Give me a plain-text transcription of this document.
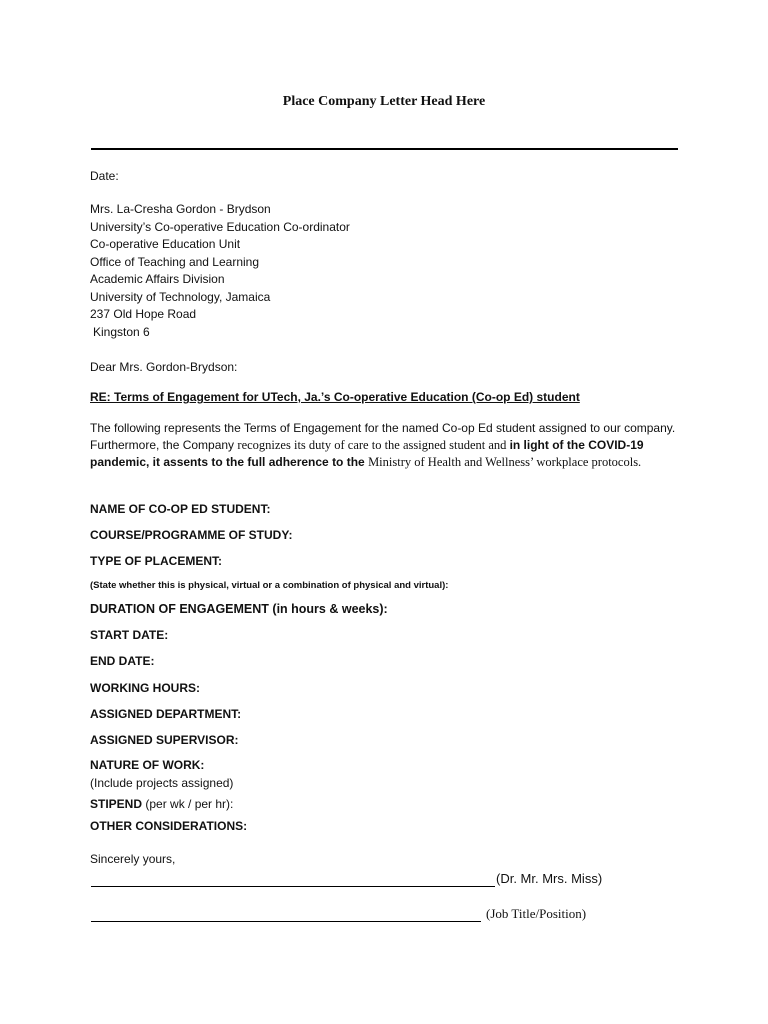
Place Company Letter Head Here
Date:
Mrs. La-Cresha Gordon - Brydson
University’s Co-operative Education Co-ordinator
Co-operative Education Unit
Office of Teaching and Learning
Academic Affairs Division
University of Technology, Jamaica
237 Old Hope Road
Kingston 6
Dear Mrs. Gordon-Brydson:
RE: Terms of Engagement for UTech, Ja.’s Co-operative Education (Co-op Ed) student
The following represents the Terms of Engagement for the named Co-op Ed student assigned to our company. Furthermore, the Company recognizes its duty of care to the assigned student and in light of the COVID-19 pandemic, it assents to the full adherence to the Ministry of Health and Wellness’ workplace protocols.
NAME OF CO-OP ED STUDENT:
COURSE/PROGRAMME OF STUDY:
TYPE OF PLACEMENT:
(State whether this is physical, virtual or a combination of physical and virtual):
DURATION OF ENGAGEMENT (in hours & weeks):
START DATE:
END DATE:
WORKING HOURS:
ASSIGNED DEPARTMENT:
ASSIGNED SUPERVISOR:
NATURE OF WORK:
(Include projects assigned)
STIPEND (per wk / per hr):
OTHER CONSIDERATIONS:
Sincerely yours,
(Dr. Mr. Mrs. Miss)
(Job Title/Position)
